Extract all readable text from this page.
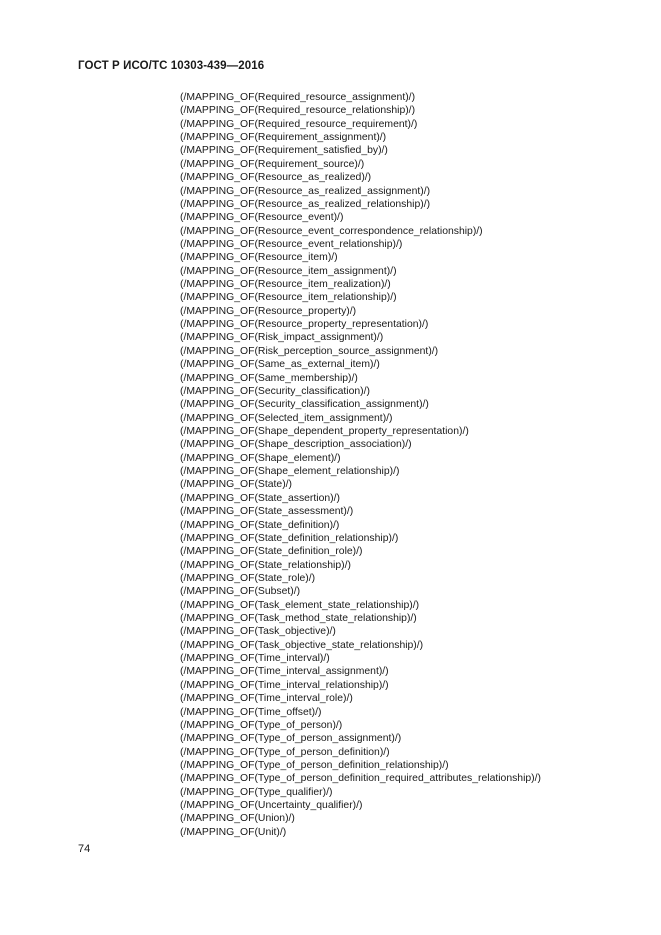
ГОСТ Р ИСО/ТС 10303-439—2016
(/MAPPING_OF(Required_resource_assignment)/)
(/MAPPING_OF(Required_resource_relationship)/)
(/MAPPING_OF(Required_resource_requirement)/)
(/MAPPING_OF(Requirement_assignment)/)
(/MAPPING_OF(Requirement_satisfied_by)/)
(/MAPPING_OF(Requirement_source)/)
(/MAPPING_OF(Resource_as_realized)/)
(/MAPPING_OF(Resource_as_realized_assignment)/)
(/MAPPING_OF(Resource_as_realized_relationship)/)
(/MAPPING_OF(Resource_event)/)
(/MAPPING_OF(Resource_event_correspondence_relationship)/)
(/MAPPING_OF(Resource_event_relationship)/)
(/MAPPING_OF(Resource_item)/)
(/MAPPING_OF(Resource_item_assignment)/)
(/MAPPING_OF(Resource_item_realization)/)
(/MAPPING_OF(Resource_item_relationship)/)
(/MAPPING_OF(Resource_property)/)
(/MAPPING_OF(Resource_property_representation)/)
(/MAPPING_OF(Risk_impact_assignment)/)
(/MAPPING_OF(Risk_perception_source_assignment)/)
(/MAPPING_OF(Same_as_external_item)/)
(/MAPPING_OF(Same_membership)/)
(/MAPPING_OF(Security_classification)/)
(/MAPPING_OF(Security_classification_assignment)/)
(/MAPPING_OF(Selected_item_assignment)/)
(/MAPPING_OF(Shape_dependent_property_representation)/)
(/MAPPING_OF(Shape_description_association)/)
(/MAPPING_OF(Shape_element)/)
(/MAPPING_OF(Shape_element_relationship)/)
(/MAPPING_OF(State)/)
(/MAPPING_OF(State_assertion)/)
(/MAPPING_OF(State_assessment)/)
(/MAPPING_OF(State_definition)/)
(/MAPPING_OF(State_definition_relationship)/)
(/MAPPING_OF(State_definition_role)/)
(/MAPPING_OF(State_relationship)/)
(/MAPPING_OF(State_role)/)
(/MAPPING_OF(Subset)/)
(/MAPPING_OF(Task_element_state_relationship)/)
(/MAPPING_OF(Task_method_state_relationship)/)
(/MAPPING_OF(Task_objective)/)
(/MAPPING_OF(Task_objective_state_relationship)/)
(/MAPPING_OF(Time_interval)/)
(/MAPPING_OF(Time_interval_assignment)/)
(/MAPPING_OF(Time_interval_relationship)/)
(/MAPPING_OF(Time_interval_role)/)
(/MAPPING_OF(Time_offset)/)
(/MAPPING_OF(Type_of_person)/)
(/MAPPING_OF(Type_of_person_assignment)/)
(/MAPPING_OF(Type_of_person_definition)/)
(/MAPPING_OF(Type_of_person_definition_relationship)/)
(/MAPPING_OF(Type_of_person_definition_required_attributes_relationship)/)
(/MAPPING_OF(Type_qualifier)/)
(/MAPPING_OF(Uncertainty_qualifier)/)
(/MAPPING_OF(Union)/)
(/MAPPING_OF(Unit)/)
74
